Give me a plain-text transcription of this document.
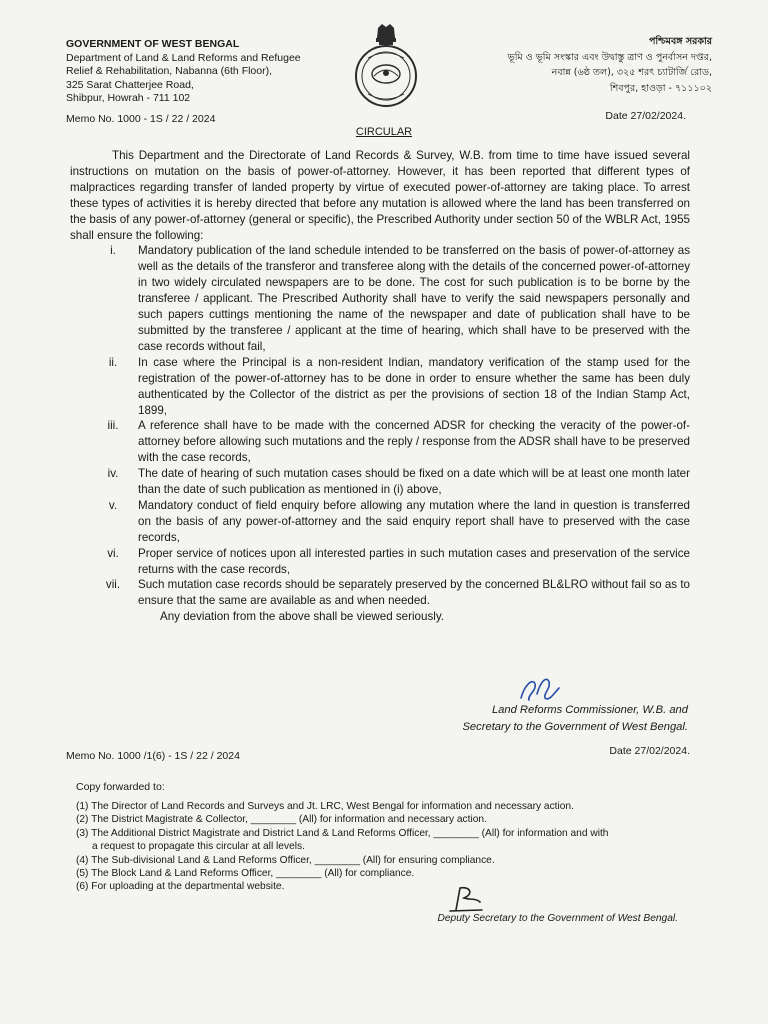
GOVERNMENT OF WEST BENGAL
Department of Land & Land Reforms and Refugee
Relief & Rehabilitation, Nabanna (6th Floor),
325 Sarat Chatterjee Road,
Shibpur, Howrah - 711 102
পশ্চিমবঙ্গ সরকার
ভূমি ও ভূমি সংস্কার এবং উদ্বাস্তু ত্রাণ ও পুনর্বাসন দপ্তর,
নবান্ন (৬ষ্ঠ তল), ৩২৫ শরৎ চ্যাটার্জি রোড,
শিবপুর, হাওড়া - ৭১১১০২
Memo No. 1000 - 1S / 22 / 2024	Date 27/02/2024.
CIRCULAR

This Department and the Directorate of Land Records & Survey, W.B. from time to time have issued several instructions on mutation on the basis of power-of-attorney. However, it has been reported that different types of malpractices regarding transfer of landed property by virtue of executed power-of-attorney are taking place. To arrest these types of activities it is hereby directed that before any mutation is allowed where the land has been transferred on the basis of any power-of-attorney (general or specific), the Prescribed Authority under section 50 of the WBLR Act, 1955 shall ensure the following:

i.	Mandatory publication of the land schedule intended to be transferred on the basis of power-of-attorney as well as the details of the transferor and transferee along with the details of the concerned power-of-attorney in two widely circulated newspapers are to be done. The cost for such publication is to be borne by the transferee / applicant. The Prescribed Authority shall have to verify the said newspapers personally and such papers cuttings mentioning the name of the newspaper and date of publication shall have to be submitted by the transferee / applicant at the time of hearing, which shall have to be preserved with the case records without fail,
ii.	In case where the Principal is a non-resident Indian, mandatory verification of the stamp used for the registration of the power-of-attorney has to be done in order to ensure whether the same has been duly authenticated by the Collector of the district as per the provisions of section 18 of the Indian Stamp Act, 1899,
iii.	A reference shall have to be made with the concerned ADSR for checking the veracity of the power-of-attorney before allowing such mutations and the reply / response from the ADSR shall have to be preserved with the case records,
iv.	The date of hearing of such mutation cases should be fixed on a date which will be at least one month later than the date of such publication as mentioned in (i) above,
v.	Mandatory conduct of field enquiry before allowing any mutation where the land in question is transferred on the basis of any power-of-attorney and the said enquiry report shall have to preserved with the case records,
vi.	Proper service of notices upon all interested parties in such mutation cases and preservation of the service returns with the case records,
vii.	Such mutation case records should be separately preserved by the concerned BL&LRO without fail so as to ensure that the same are available as and when needed.

Any deviation from the above shall be viewed seriously.

Land Reforms Commissioner, W.B. and
Secretary to the Government of West Bengal.
Memo No. 1000 /1(6) - 1S / 22 / 2024	Date 27/02/2024.
Copy forwarded to:
(1) The Director of Land Records and Surveys and Jt. LRC, West Bengal for information and necessary action.
(2) The District Magistrate & Collector, ________ (All) for information and necessary action.
(3) The Additional District Magistrate and District Land & Land Reforms Officer, ________ (All) for information and with
a request to propagate this circular at all levels.
(4) The Sub-divisional Land & Land Reforms Officer, ________ (All) for ensuring compliance.
(5) The Block Land & Land Reforms Officer, ________ (All) for compliance.
(6) For uploading at the departmental website.
Deputy Secretary to the Government of West Bengal.
